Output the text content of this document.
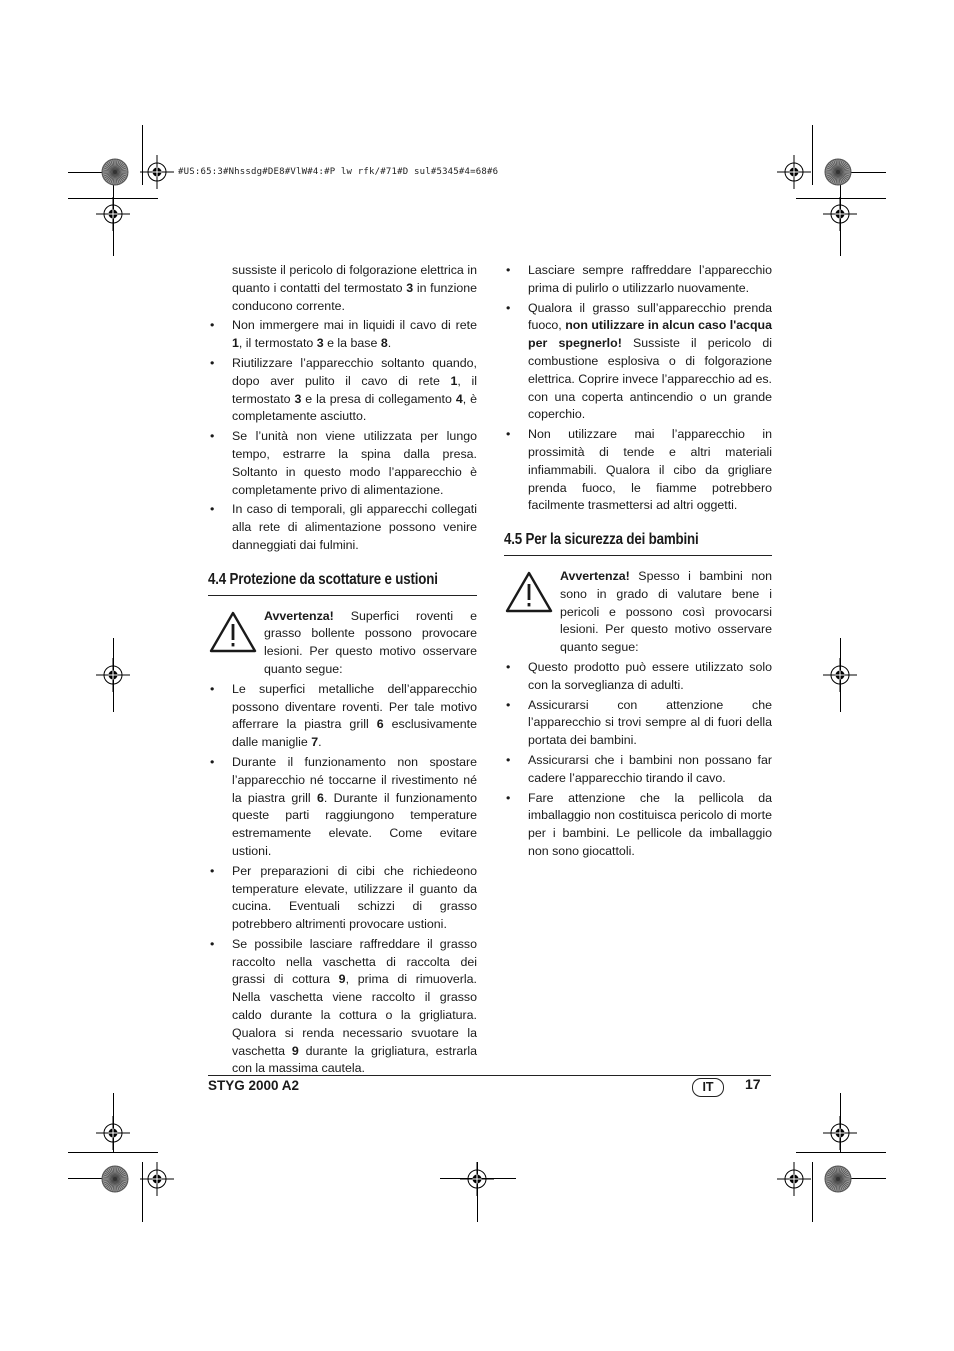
#US:65:3#Nhssdg#DE8#VlW#4:#P lw rfk/#71#D sul#5345#4=68#6

sussiste il pericolo di folgorazione elettrica in quanto i contatti del termostato 3 in funzione conducono corrente.

• Non immergere mai in liquidi il cavo di rete 1, il termostato 3 e la base 8.
• Riutilizzare l’apparecchio soltanto quando, dopo aver pulito il cavo di rete 1, il termostato 3 e la presa di collegamento 4, è completamente asciutto.
• Se l’unità non viene utilizzata per lungo tempo, estrarre la spina dalla presa. Soltanto in questo modo l’apparecchio è completamente privo di alimentazione.
• In caso di temporali, gli apparecchi collegati alla rete di alimentazione possono venire danneggiati dai fulmini.
4.4 Protezione da scottature e ustioni

Avvertenza! Superfici roventi e grasso bollente possono provocare lesioni. Per questo motivo osservare quanto segue:

• Le superfici metalliche dell’apparecchio possono diventare roventi. Per tale motivo afferrare la piastra grill 6 esclusivamente dalle maniglie 7.
• Durante il funzionamento non spostare l’apparecchio né toccarne il rivestimento né la piastra grill 6. Durante il funzionamento queste parti raggiungono temperature estremamente elevate. Come evitare ustioni.
• Per preparazioni di cibi che richiedeono temperature elevate, utilizzare il guanto da cucina. Eventuali schizzi di grasso potrebbero altrimenti provocare ustioni.
• Se possibile lasciare raffreddare il grasso raccolto nella vaschetta di raccolta dei grassi di cottura 9, prima di rimuoverla. Nella vaschetta viene raccolto il grasso caldo durante la cottura o la grigliatura. Qualora si renda necessario svuotare la vaschetta 9 durante la grigliatura, estrarla con la massima cautela.
• Lasciare sempre raffreddare l’apparecchio prima di pulirlo o utilizzarlo nuovamente.
• Qualora il grasso sull’apparecchio prenda fuoco, non utilizzare in alcun caso l'acqua per spegnerlo! Sussiste il pericolo di combustione esplosiva o di folgorazione elettrica. Coprire invece l’apparecchio ad es. con una coperta antincendio o un grande coperchio.
• Non utilizzare mai l’apparecchio in prossimità di tende e altri materiali infiammabili. Qualora il cibo da grigliare prenda fuoco, le fiamme potrebbero facilmente trasmettersi ad altri oggetti.
4.5 Per la sicurezza dei bambini

Avvertenza! Spesso i bambini non sono in grado di valutare bene i pericoli e possono così provocarsi lesioni. Per questo motivo osservare quanto segue:

• Questo prodotto può essere utilizzato solo con la sorveglianza di adulti.
• Assicurarsi con attenzione che l’apparecchio si trovi sempre al di fuori della portata dei bambini.
• Assicurarsi che i bambini non possano far cadere l’apparecchio tirando il cavo.
• Fare attenzione che la pellicola da imballaggio non costituisca pericolo di morte per i bambini. Le pellicole da imballaggio non sono giocattoli.
STYG 2000 A2	IT	17
